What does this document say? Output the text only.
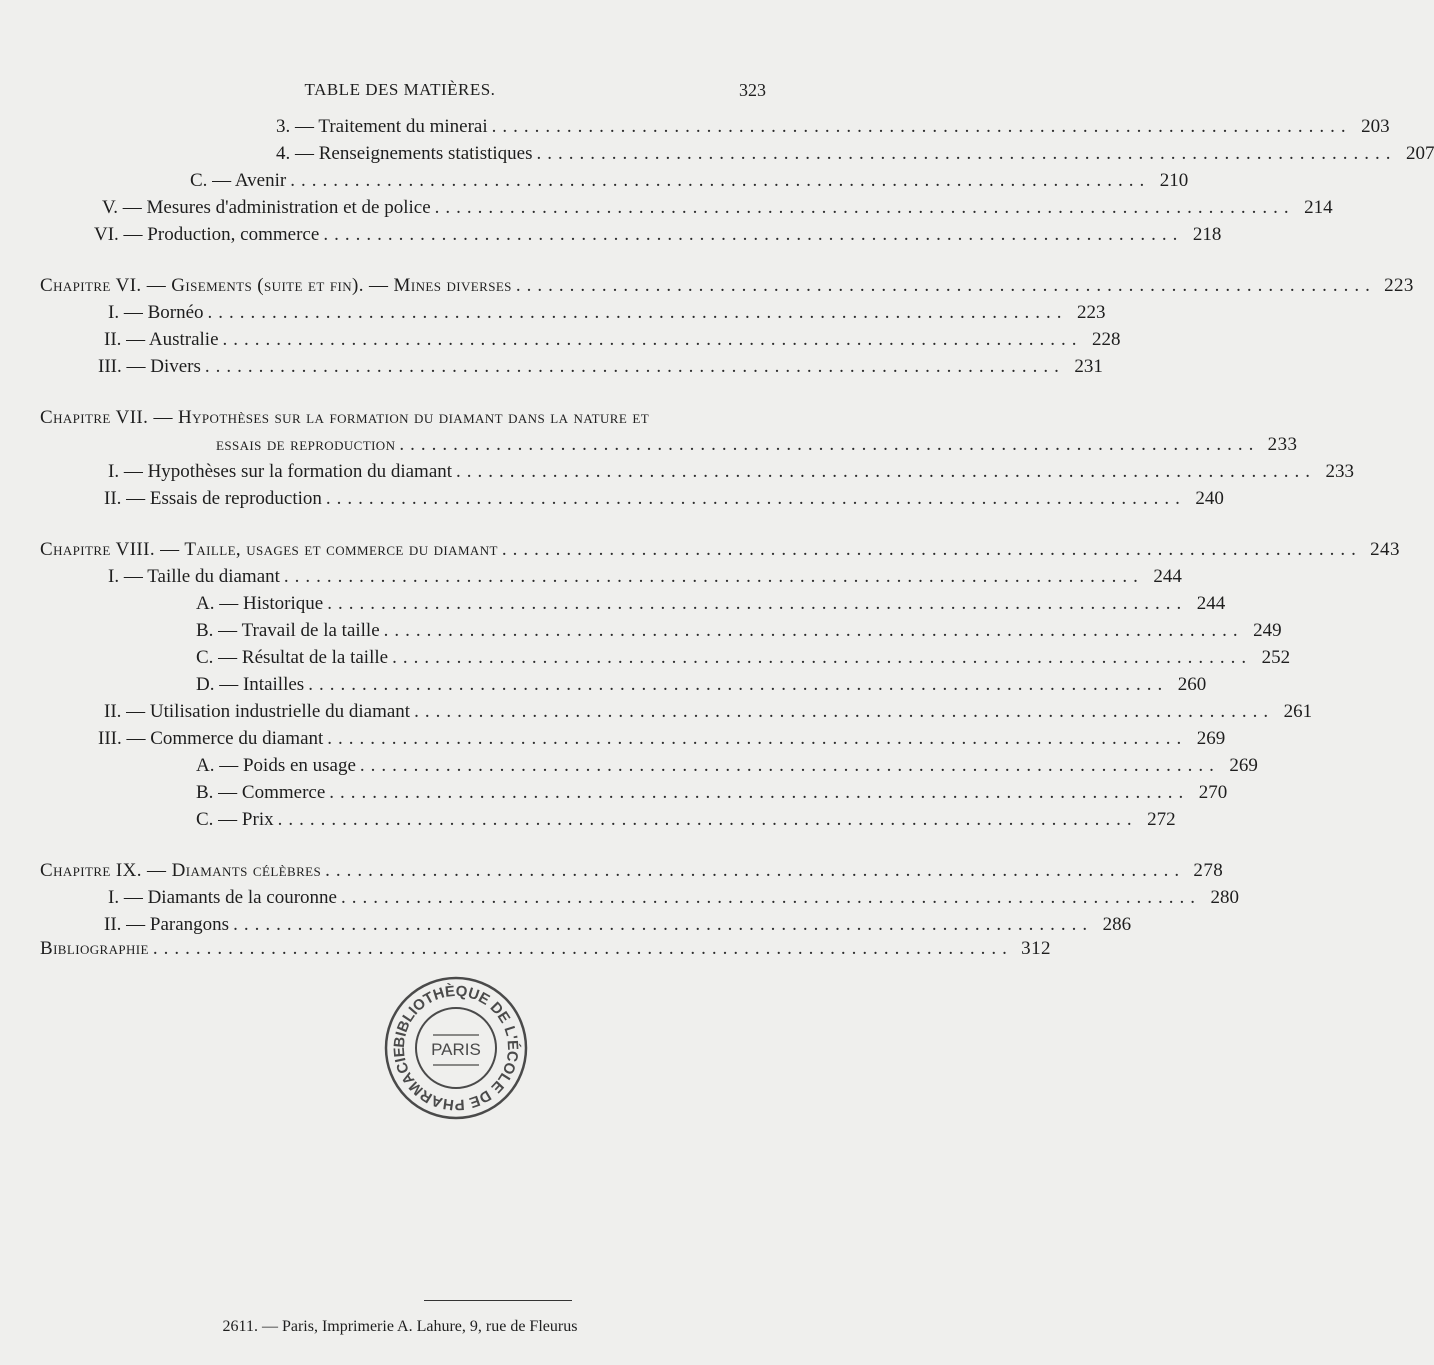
TABLE DES MATIÈRES.	323
3. — Traitement du minerai ................................................................................ 203
4. — Renseignements statistiques ................................................................................ 207
C. — Avenir ................................................................................ 210
V. — Mesures d'administration et de police ................................................................................ 214
VI. — Production, commerce ................................................................................ 218
Chapitre VI. — Gisements (suite et fin). — Mines diverses ................................................................................ 223
I. — Bornéo ................................................................................ 223
II. — Australie ................................................................................ 228
III. — Divers ................................................................................ 231
Chapitre VII. — Hypothèses sur la formation du diamant dans la nature et
essais de reproduction ................................................................................ 233
I. — Hypothèses sur la formation du diamant ................................................................................ 233
II. — Essais de reproduction ................................................................................ 240
Chapitre VIII. — Taille, usages et commerce du diamant ................................................................................ 243
I. — Taille du diamant ................................................................................ 244
A. — Historique ................................................................................ 244
B. — Travail de la taille ................................................................................ 249
C. — Résultat de la taille ................................................................................ 252
D. — Intailles ................................................................................ 260
II. — Utilisation industrielle du diamant ................................................................................ 261
III. — Commerce du diamant ................................................................................ 269
A. — Poids en usage ................................................................................ 269
B. — Commerce ................................................................................ 270
C. — Prix ................................................................................ 272
Chapitre IX. — Diamants célèbres ................................................................................ 278
I. — Diamants de la couronne ................................................................................ 280
II. — Parangons ................................................................................ 286
Bibliographie ................................................................................ 312
BIBLIOTHÈQUE DE L'ÉCOLE DE PHARMACIE	PARIS
2611. — Paris, Imprimerie A. Lahure, 9, rue de Fleurus
